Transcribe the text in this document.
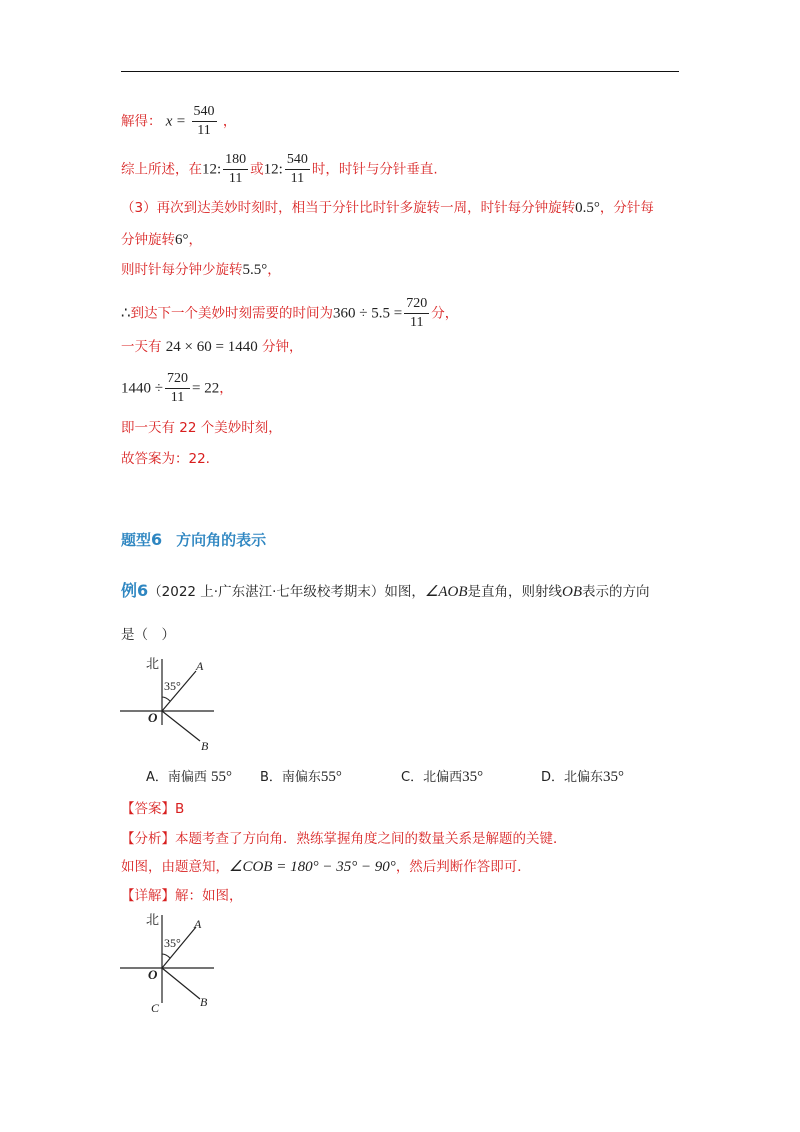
解得： $x = \frac{540}{11}$ ，
综上所述，在12: $\frac{180}{11}$ 或12: $\frac{540}{11}$ 时，时针与分针垂直.
（3）再次到达美妙时刻时，相当于分针比时针多旋转一周，时针每分钟旋转0.5°，分针每
分钟旋转6°，
则时针每分钟少旋转5.5°，
∴到达下一个美妙时刻需要的时间为$360 \div 5.5 = \frac{720}{11}$ 分，
一天有 24 × 60 = 1440 分钟，
$1440 \div \frac{720}{11} = 22$，
即一天有 22 个美妙时刻，
故答案为：22.
题型6 方向角的表示
例6（2022 上·广东湛江·七年级校考期末）如图，∠AOB是直角，则射线OB表示的方向
是（　）
北
35°
A
O
B
A．南偏西 55° B．南偏东55°	C．北偏西35°	D．北偏东35°
【答案】B
【分析】本题考查了方向角．熟练掌握角度之间的数量关系是解题的关键．
如图，由题意知，∠COB = 180° − 35° − 90°，然后判断作答即可．
【详解】解：如图，
北
35°
A
O
B
C
